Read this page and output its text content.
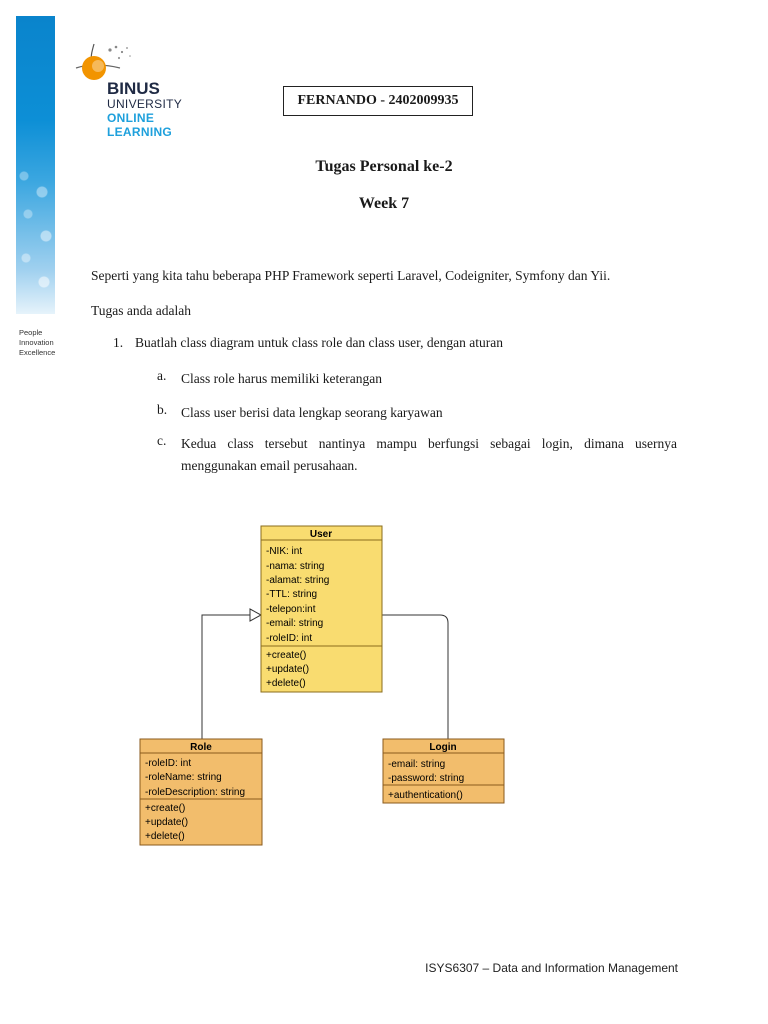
People
Innovation
Excellence
BINUS
UNIVERSITY
ONLINE
LEARNING
FERNANDO - 2402009935
Tugas Personal ke-2
Week 7
Seperti yang kita tahu beberapa PHP Framework seperti Laravel, Codeigniter, Symfony dan Yii.
Tugas anda adalah
1. Buatlah class diagram untuk class role dan class user, dengan aturan
a. Class role harus memiliki keterangan
b. Class user berisi data lengkap seorang karyawan
c. Kedua class tersebut nantinya mampu berfungsi sebagai login, dimana usernya menggunakan email perusahaan.
User
-NIK: int
-nama: string
-alamat: string
-TTL: string
-telepon:int
-email: string
-roleID: int
+create()
+update()
+delete()
Role
-roleID: int
-roleName: string
-roleDescription: string
+create()
+update()
+delete()
Login
-email: string
-password: string
+authentication()
ISYS6307 – Data and Information Management
